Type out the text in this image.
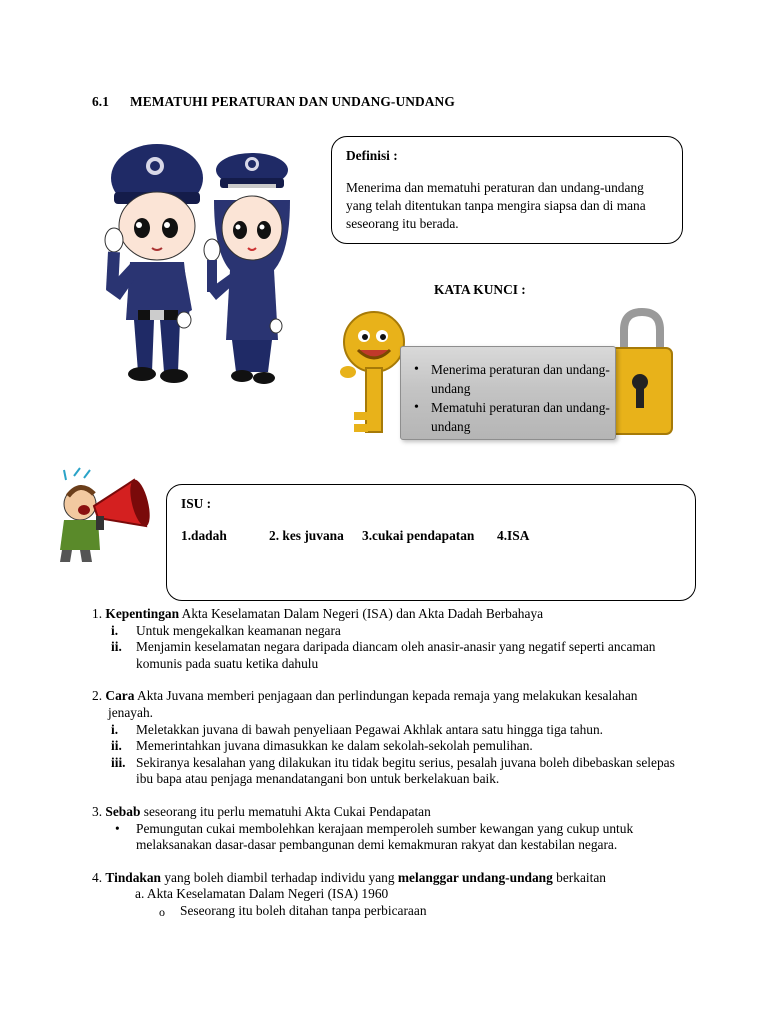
6.1 MEMATUHI PERATURAN DAN UNDANG-UNDANG
Definisi :
Menerima dan mematuhi peraturan dan undang-undang yang telah ditentukan tanpa mengira siapsa dan di mana seseorang itu berada.
KATA KUNCI :
• Menerima peraturan dan undang-undang
• Mematuhi peraturan dan undang-undang
ISU :
1.dadah	2. kes juvana 3.cukai pendapatan 4.ISA

1. Kepentingan Akta Keselamatan Dalam Negeri (ISA) dan Akta Dadah Berbahaya

i. Untuk mengekalkan keamanan negara

ii. Menjamin keselamatan negara daripada diancam oleh anasir-anasir yang negatif seperti ancaman komunis pada suatu ketika dahulu

2. Cara Akta Juvana memberi penjagaan dan perlindungan kepada remaja yang melakukan kesalahan

jenayah.

i. Meletakkan juvana di bawah penyeliaan Pegawai Akhlak antara satu hingga tiga tahun.

ii. Memerintahkan juvana dimasukkan ke dalam sekolah-sekolah pemulihan.

iii. Sekiranya kesalahan yang dilakukan itu tidak begitu serius, pesalah juvana boleh dibebaskan selepas ibu bapa atau penjaga menandatangani bon untuk berkelakuan baik.

3. Sebab seseorang itu perlu mematuhi Akta Cukai Pendapatan

• Pemungutan cukai membolehkan kerajaan memperoleh sumber kewangan yang cukup untuk melaksanakan dasar-dasar pembangunan demi kemakmuran rakyat dan kestabilan negara.

4. Tindakan yang boleh diambil terhadap individu yang melanggar undang-undang berkaitan

a. Akta Keselamatan Dalam Negeri (ISA) 1960

o Seseorang itu boleh ditahan tanpa perbicaraan
